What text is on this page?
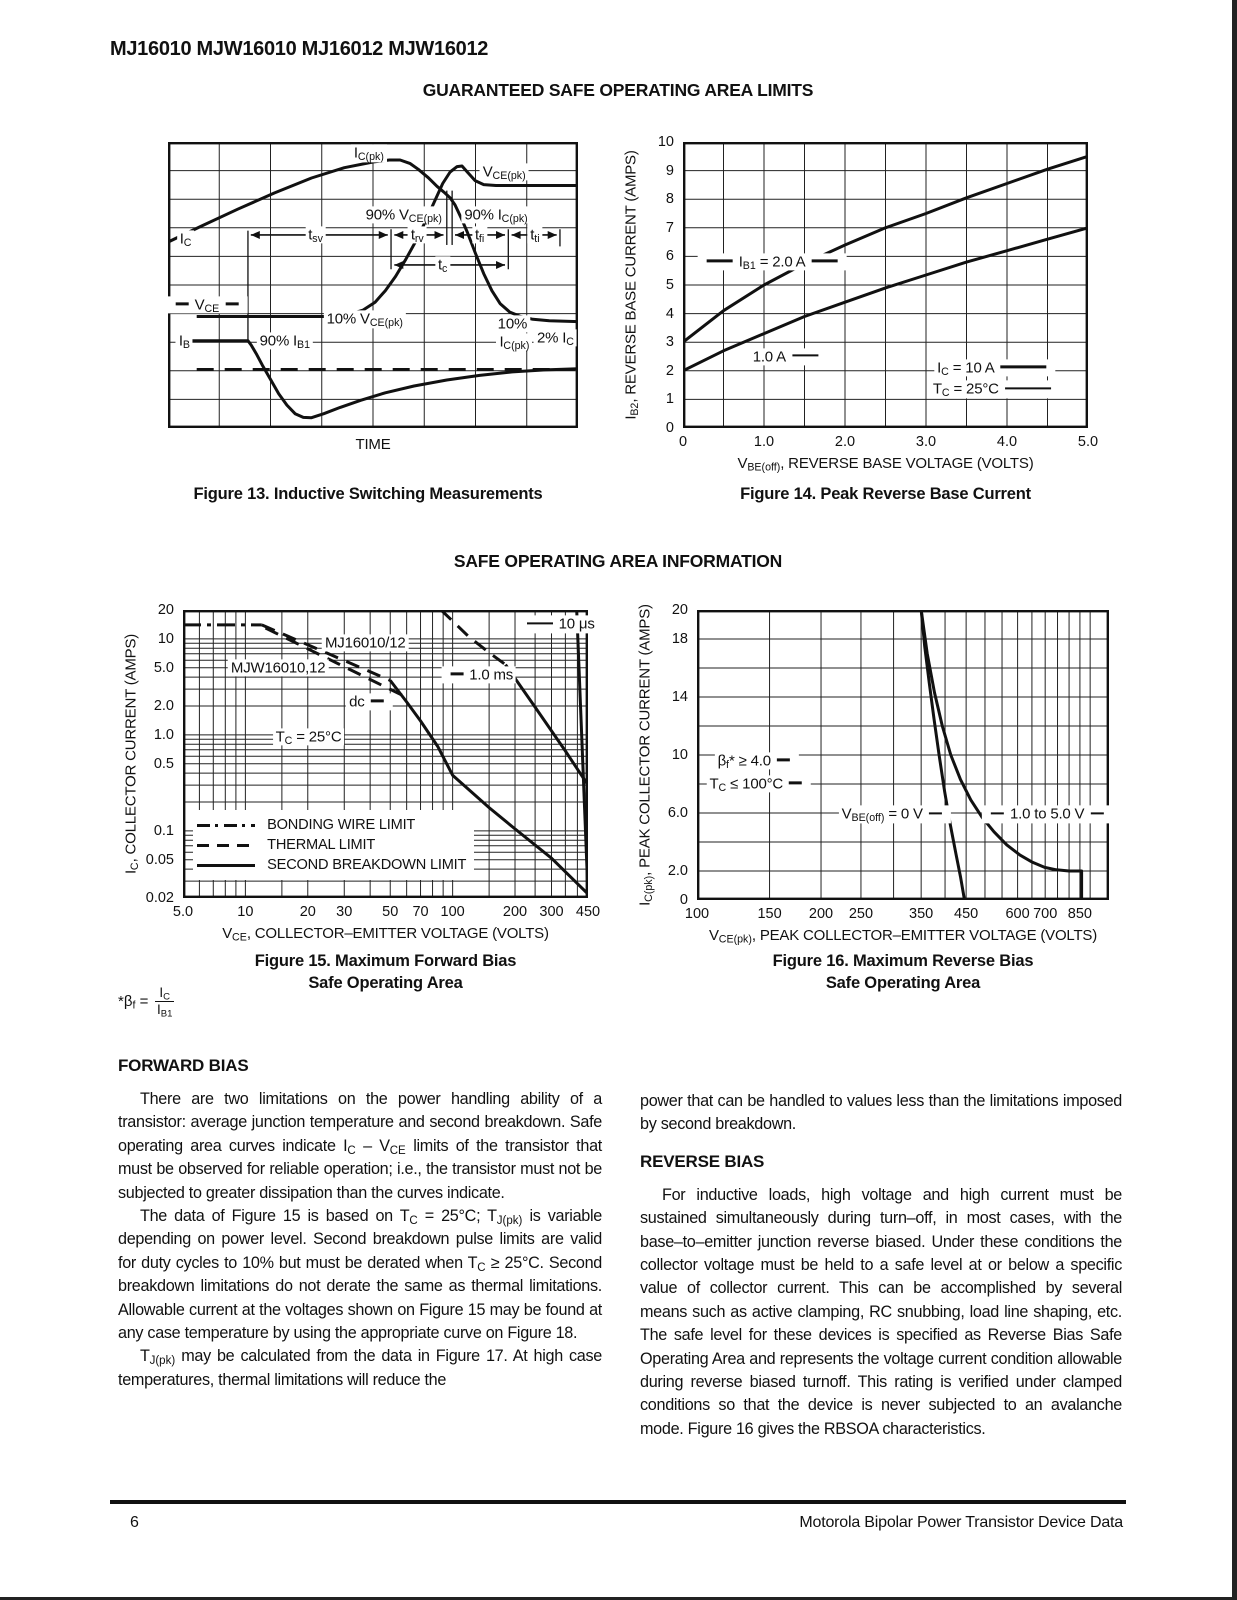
MJ16010 MJW16010 MJ16012 MJW16012
GUARANTEED SAFE OPERATING AREA LIMITS
$I_{C(pk)}$
$V_{CE(pk)}$
90% $V_{CE(pk)}$ 90% $I_{C(pk)}$
$t_{sv}$	$t_{rv}$	$t_{fi}$	$t_{ti}$
$t_c$
$I_C$
$V_{CE}$
$I_B$	90% $I_{B1}$
10% $V_{CE(pk)}$	10%
$I_{C(pk)}$ 2% $I_C$
TIME
Figure 13. Inductive Switching Measurements
$I_{B2}$, REVERSE BASE CURRENT (AMPS)
$V_{BE(off)}$, REVERSE BASE VOLTAGE (VOLTS)
$I_{B1} = 2.0$ A
1.0 A
$I_C = 10$ A
$T_C = 25^\circ C$
0	1.0	2.0	3.0	4.0	5.0
0
1
2
3
4
5
6
7
8
9
10
Figure 14. Peak Reverse Base Current
SAFE OPERATING AREA INFORMATION
$I_C$, COLLECTOR CURRENT (AMPS)
$V_{CE}$, COLLECTOR–EMITTER VOLTAGE (VOLTS)
MJ16010/12
MJW16010,12
dc
$T_C = 25^\circ C$
1.0 ms
10 μs
BONDING WIRE LIMIT
THERMAL LIMIT
SECOND BREAKDOWN LIMIT
5.0	10	20 30 50 70 100	200 300 450
20
10
5.0
2.0
1.0
0.5
0.1
0.05
0.02
Figure 15. Maximum Forward Bias
Safe Operating Area
$*\beta_f = \frac{I_C}{I_{B1}}$
$I_{C(pk)}$, PEAK COLLECTOR CURRENT (AMPS)
$V_{CE(pk)}$, PEAK COLLECTOR–EMITTER VOLTAGE (VOLTS)
$\beta_f* \ge 4.0$
$T_C \le 100^\circ C$
$V_{BE(off)} = 0$ V	1.0 to 5.0 V
100	150 200 250 350 450 600 700 850
0
2.0
6.0
10
14
18
20
Figure 16. Maximum Reverse Bias
Safe Operating Area
FORWARD BIAS

There are two limitations on the power handling ability of a transistor: average junction temperature and second breakdown. Safe operating area curves indicate $I_C - V_{CE}$ limits of the transistor that must be observed for reliable operation; i.e., the transistor must not be subjected to greater dissipation than the curves indicate.

The data of Figure 15 is based on $T_C = 25^\circ C$; $T_{J(pk)}$ is variable depending on power level. Second breakdown pulse limits are valid for duty cycles to 10% but must be derated when $T_C \ge 25^\circ C$. Second breakdown limitations do not derate the same as thermal limitations. Allowable current at the voltages shown on Figure 15 may be found at any case temperature by using the appropriate curve on Figure 18.

$T_{J(pk)}$ may be calculated from the data in Figure 17. At high case temperatures, thermal limitations will reduce the

power that can be handled to values less than the limitations imposed by second breakdown.

REVERSE BIAS

For inductive loads, high voltage and high current must be sustained simultaneously during turn–off, in most cases, with the base–to–emitter junction reverse biased. Under these conditions the collector voltage must be held to a safe level at or below a specific value of collector current. This can be accomplished by several means such as active clamping, RC snubbing, load line shaping, etc. The safe level for these devices is specified as Reverse Bias Safe Operating Area and represents the voltage current condition allowable during reverse biased turnoff. This rating is verified under clamped conditions so that the device is never subjected to an avalanche mode. Figure 16 gives the RBSOA characteristics.

6	Motorola Bipolar Power Transistor Device Data
